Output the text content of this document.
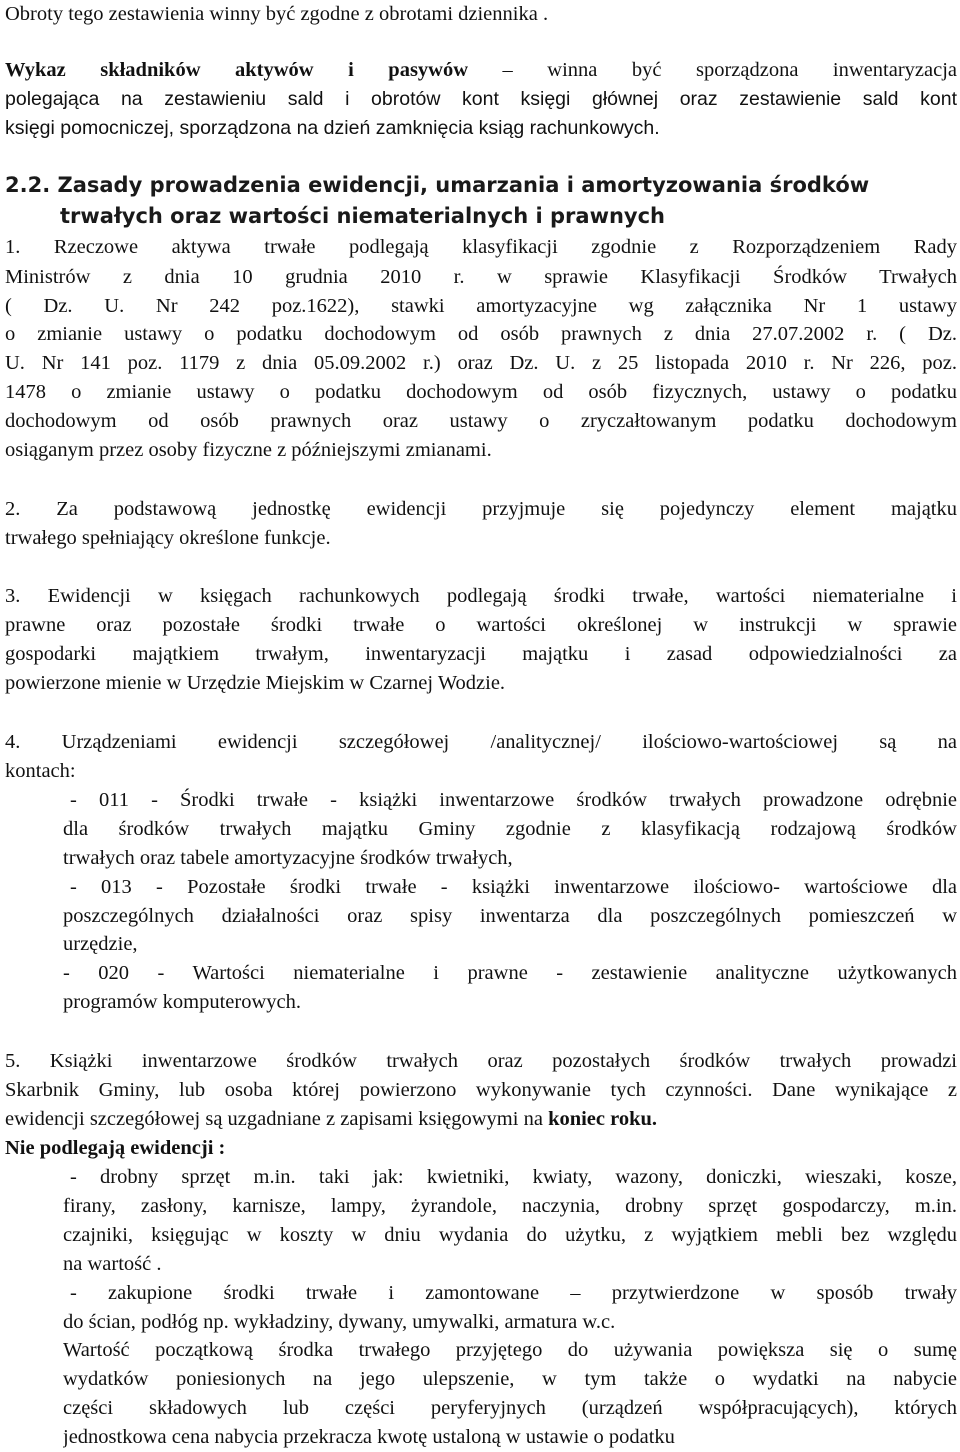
Obroty tego zestawienia winny być zgodne z obrotami dziennika .
Wykaz składników aktywów i pasywów – winna być sporządzona inwentaryzacja
polegająca na zestawieniu sald i obrotów kont księgi głównej oraz zestawienie sald kont
księgi pomocniczej, sporządzona na dzień zamknięcia ksiąg rachunkowych.
2.2. Zasady prowadzenia ewidencji, umarzania i amortyzowania środków
trwałych oraz wartości niematerialnych i prawnych
1. Rzeczowe aktywa trwałe podlegają klasyfikacji zgodnie z Rozporządzeniem Rady
Ministrów z dnia 10 grudnia 2010 r. w sprawie Klasyfikacji Środków Trwałych
( Dz. U. Nr 242 poz.1622), stawki amortyzacyjne wg załącznika Nr 1 ustawy
o zmianie ustawy o podatku dochodowym od osób prawnych z dnia 27.07.2002 r. ( Dz.
U. Nr 141 poz. 1179 z dnia 05.09.2002 r.) oraz Dz. U. z 25 listopada 2010 r. Nr 226, poz.
1478 o zmianie ustawy o podatku dochodowym od osób fizycznych, ustawy o podatku
dochodowym od osób prawnych oraz ustawy o zryczałtowanym podatku dochodowym
osiąganym przez osoby fizyczne z późniejszymi zmianami.
2. Za podstawową jednostkę ewidencji przyjmuje się pojedynczy element majątku
trwałego spełniający określone funkcje.
3. Ewidencji w księgach rachunkowych podlegają środki trwałe, wartości niematerialne i
prawne oraz pozostałe środki trwałe o wartości określonej w instrukcji w sprawie
gospodarki majątkiem trwałym, inwentaryzacji majątku i zasad odpowiedzialności za
powierzone mienie w Urzędzie Miejskim w Czarnej Wodzie.
4. Urządzeniami ewidencji szczegółowej /analitycznej/ ilościowo-wartościowej są na
kontach:
- 011 - Środki trwałe - książki inwentarzowe środków trwałych prowadzone odrębnie
dla środków trwałych majątku Gminy zgodnie z klasyfikacją rodzajową środków
trwałych oraz tabele amortyzacyjne środków trwałych,
- 013 - Pozostałe środki trwałe - książki inwentarzowe ilościowo- wartościowe dla
poszczególnych działalności oraz spisy inwentarza dla poszczególnych pomieszczeń w
urzędzie,
- 020 - Wartości niematerialne i prawne - zestawienie analityczne użytkowanych
programów komputerowych.
5. Książki inwentarzowe środków trwałych oraz pozostałych środków trwałych prowadzi
Skarbnik Gminy, lub osoba której powierzono wykonywanie tych czynności. Dane wynikające z
ewidencji szczegółowej są uzgadniane z zapisami księgowymi na koniec roku.
Nie podlegają ewidencji :
- drobny sprzęt m.in. taki jak: kwietniki, kwiaty, wazony, doniczki, wieszaki, kosze,
firany, zasłony, karnisze, lampy, żyrandole, naczynia, drobny sprzęt gospodarczy, m.in.
czajniki, księgując w koszty w dniu wydania do użytku, z wyjątkiem mebli bez względu
na wartość .
- zakupione środki trwałe i zamontowane – przytwierdzone w sposób trwały
do ścian, podłóg np. wykładziny, dywany, umywalki, armatura w.c.
Wartość początkową środka trwałego przyjętego do używania powiększa się o sumę
wydatków poniesionych na jego ulepszenie, w tym także o wydatki na nabycie
części składowych lub części peryferyjnych (urządzeń współpracujących), których
jednostkowa cena nabycia przekracza kwotę ustaloną w ustawie o podatku
